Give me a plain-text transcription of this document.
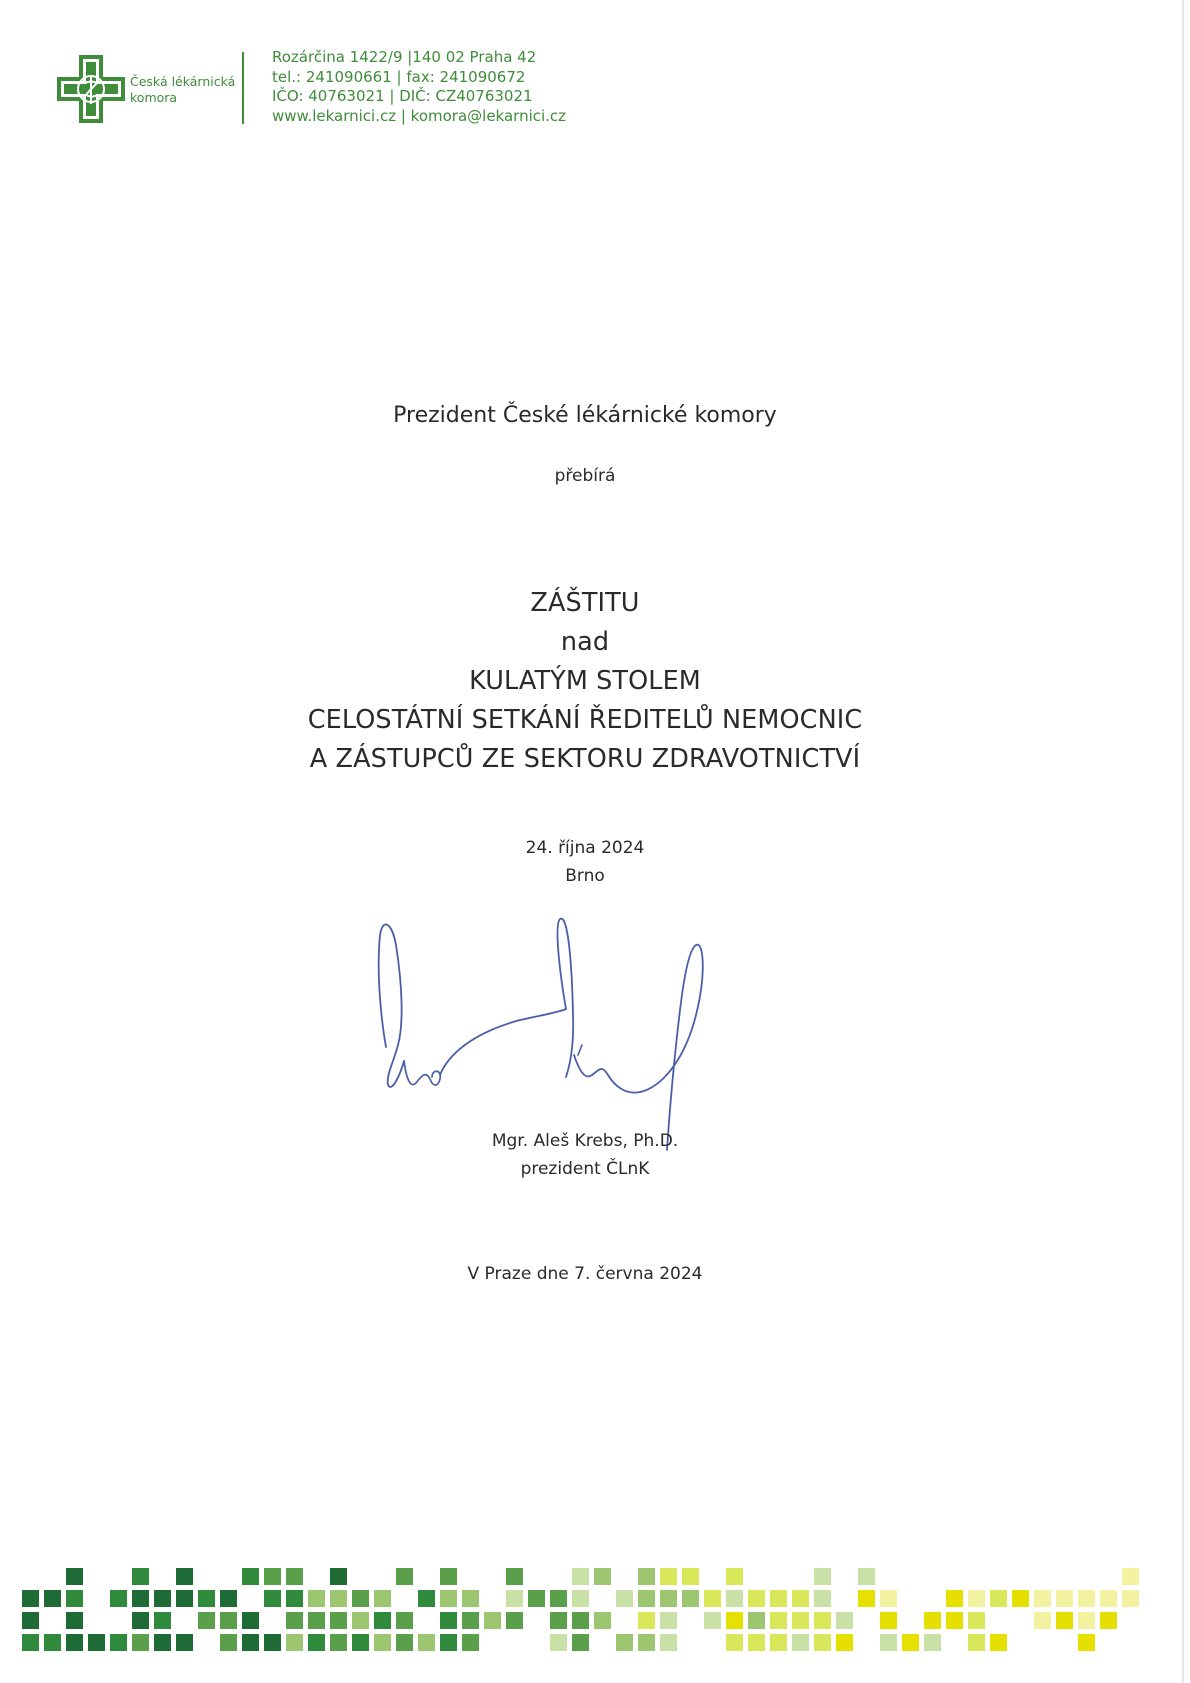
Česká lékárnická
komora
Rozárčina 1422/9 |140 02 Praha 42
tel.: 241090661 | fax: 241090672
IČO: 40763021 | DIČ: CZ40763021
www.lekarnici.cz | komora@lekarnici.cz
Prezident České lékárnické komory
přebírá
ZÁŠTITU
nad
KULATÝM STOLEM
CELOSTÁTNÍ SETKÁNÍ ŘEDITELŮ NEMOCNIC
A ZÁSTUPCŮ ZE SEKTORU ZDRAVOTNICTVÍ
24. října 2024
Brno
Mgr. Aleš Krebs, Ph.D.
prezident ČLnK
V Praze dne 7. června 2024
